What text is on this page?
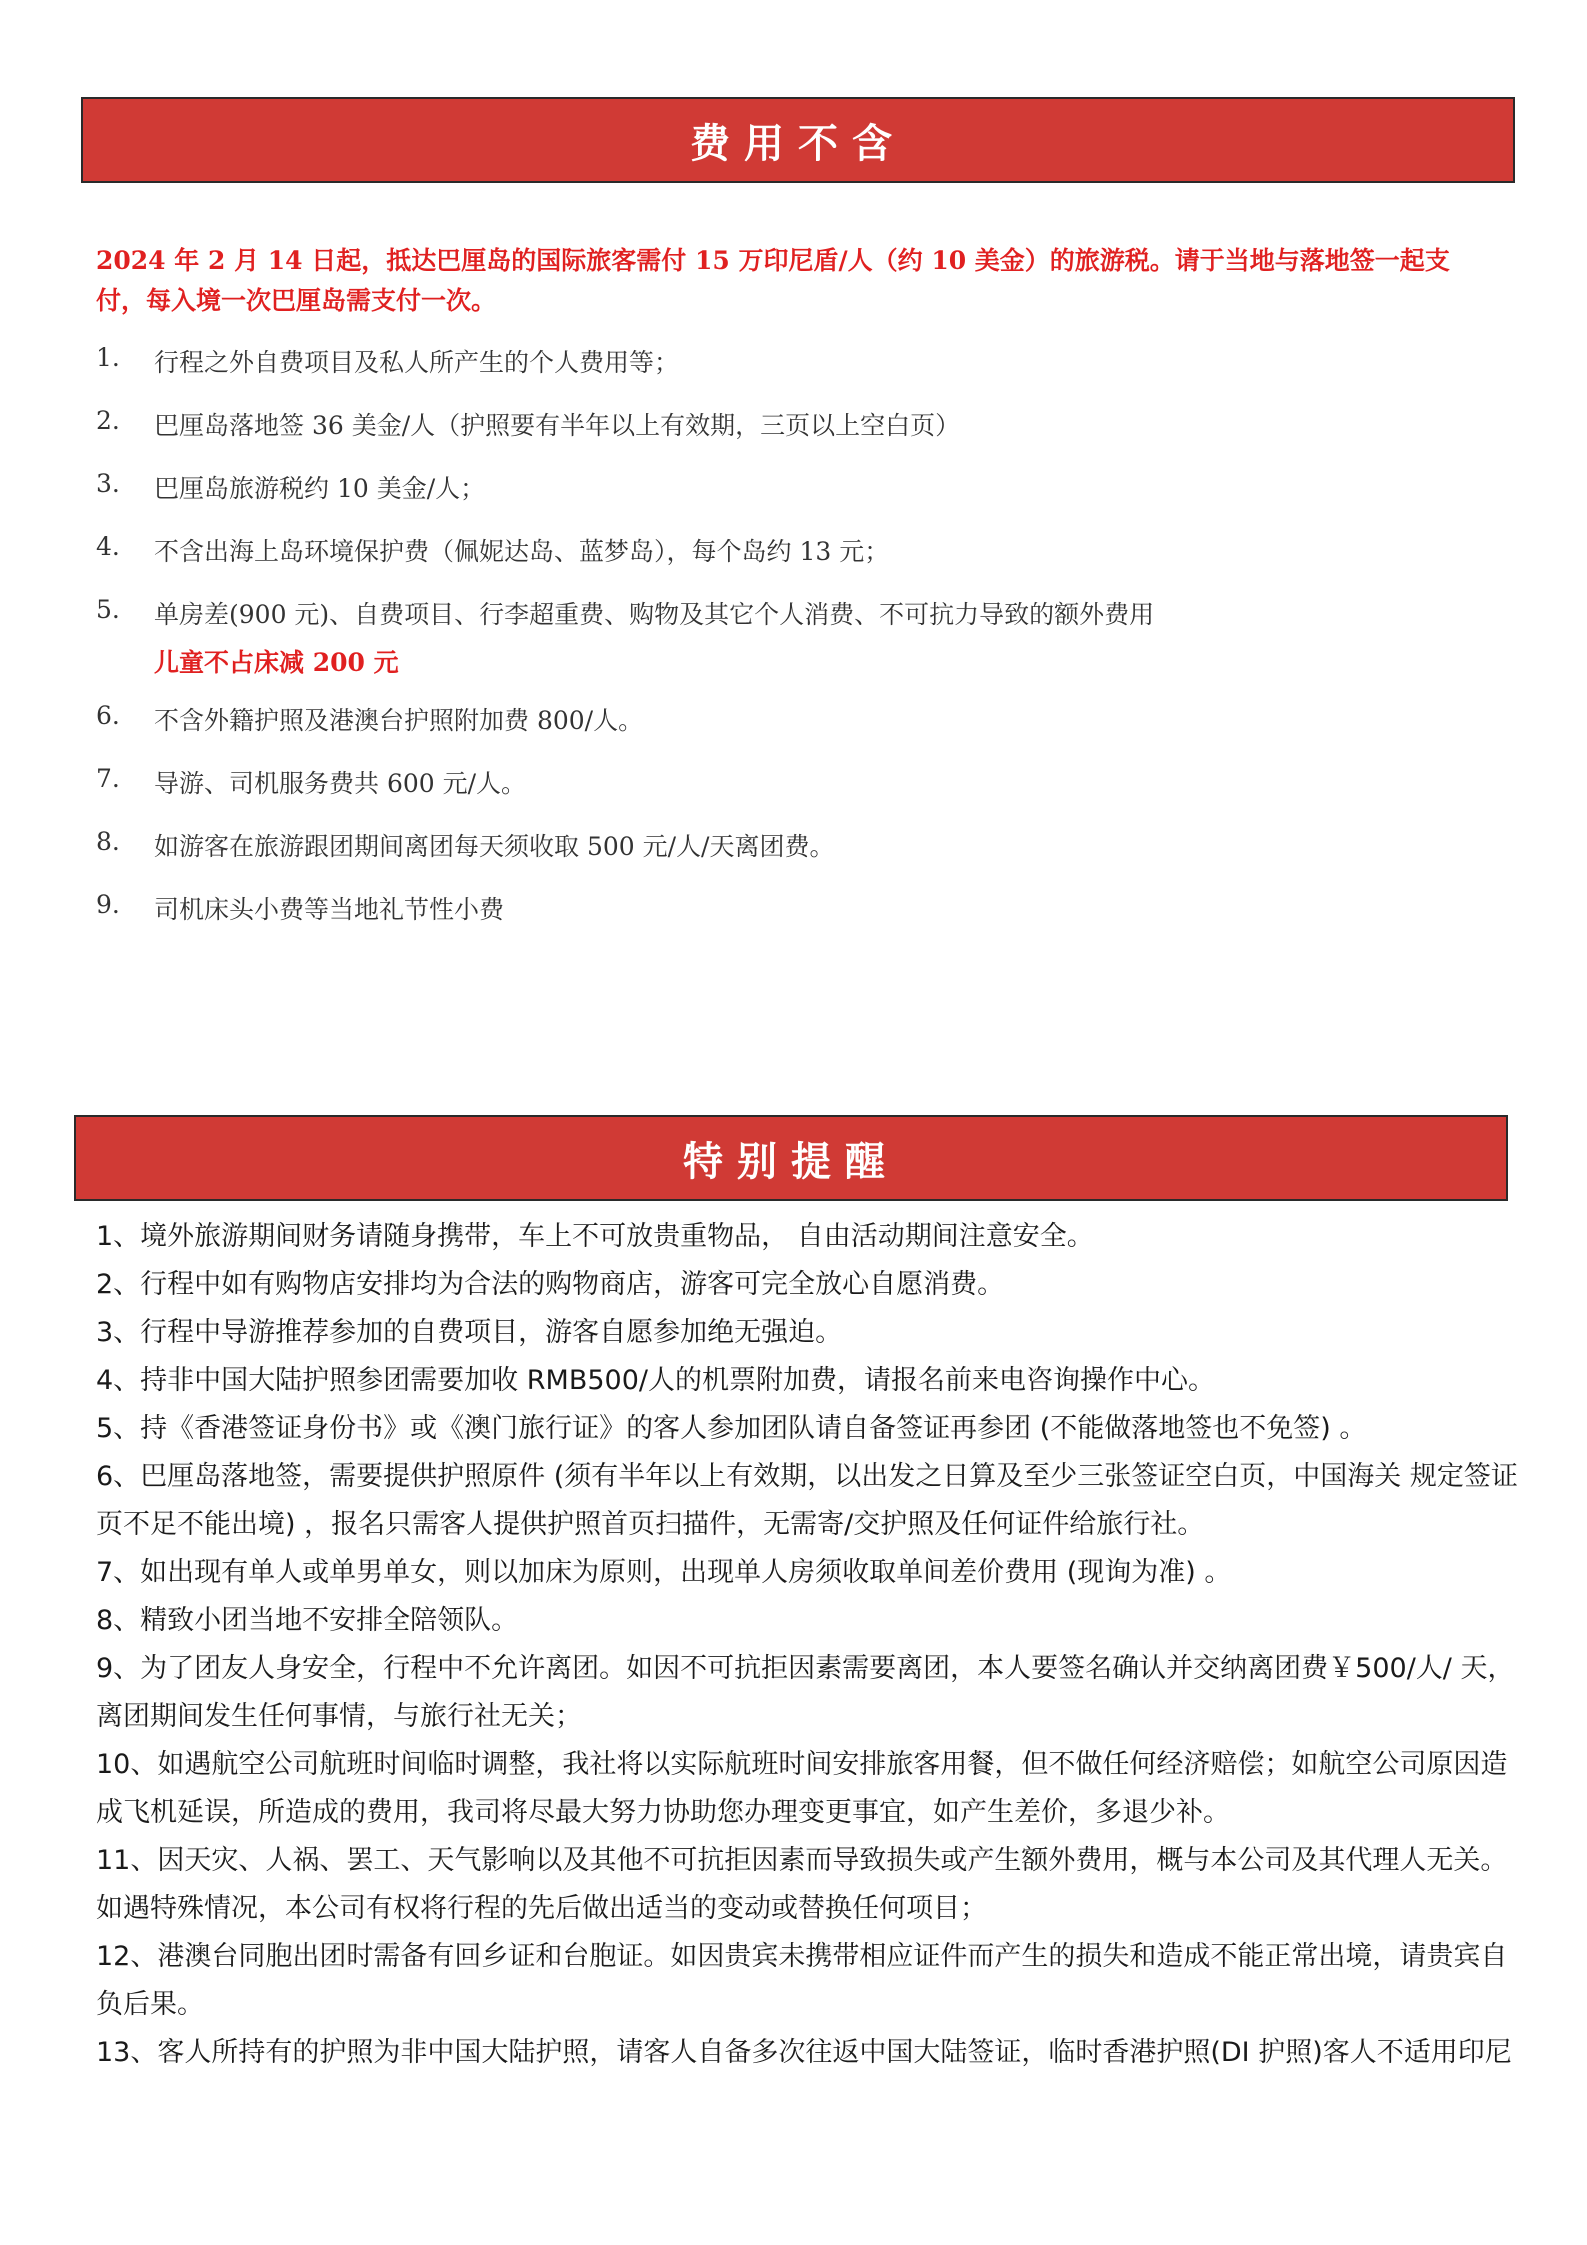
费用不含
2024 年 2 月 14 日起，抵达巴厘岛的国际旅客需付 15 万印尼盾/人（约 10 美金）的旅游税。请于当地与落地签一起支付，每入境一次巴厘岛需支付一次。
1. 行程之外自费项目及私人所产生的个人费用等；
2. 巴厘岛落地签 36 美金/人（护照要有半年以上有效期，三页以上空白页）
3. 巴厘岛旅游税约 10 美金/人；
4. 不含出海上岛环境保护费（佩妮达岛、蓝梦岛），每个岛约 13 元；
5. 单房差(900 元)、自费项目、行李超重费、购物及其它个人消费、不可抗力导致的额外费用
儿童不占床减 200 元
6. 不含外籍护照及港澳台护照附加费 800/人。
7. 导游、司机服务费共 600 元/人。
8. 如游客在旅游跟团期间离团每天须收取 500 元/人/天离团费。
9. 司机床头小费等当地礼节性小费
特别提醒
1、境外旅游期间财务请随身携带，车上不可放贵重物品， 自由活动期间注意安全。
2、行程中如有购物店安排均为合法的购物商店，游客可完全放心自愿消费。
3、行程中导游推荐参加的自费项目，游客自愿参加绝无强迫。
4、持非中国大陆护照参团需要加收 RMB500/人的机票附加费，请报名前来电咨询操作中心。
5、持《香港签证身份书》或《澳门旅行证》的客人参加团队请自备签证再参团 (不能做落地签也不免签) 。
6、巴厘岛落地签，需要提供护照原件 (须有半年以上有效期，以出发之日算及至少三张签证空白页，中国海关 规定签证页不足不能出境) ，报名只需客人提供护照首页扫描件，无需寄/交护照及任何证件给旅行社。
7、如出现有单人或单男单女，则以加床为原则，出现单人房须收取单间差价费用 (现询为准) 。
8、精致小团当地不安排全陪领队。
9、为了团友人身安全，行程中不允许离团。如因不可抗拒因素需要离团，本人要签名确认并交纳离团费￥500/人/ 天，离团期间发生任何事情，与旅行社无关；
10、如遇航空公司航班时间临时调整，我社将以实际航班时间安排旅客用餐，但不做任何经济赔偿；如航空公司原因造成飞机延误，所造成的费用，我司将尽最大努力协助您办理变更事宜，如产生差价，多退少补。
11、因天灾、人祸、罢工、天气影响以及其他不可抗拒因素而导致损失或产生额外费用，概与本公司及其代理人无关。 如遇特殊情况，本公司有权将行程的先后做出适当的变动或替换任何项目；
12、港澳台同胞出团时需备有回乡证和台胞证。如因贵宾未携带相应证件而产生的损失和造成不能正常出境，请贵宾自负后果。
13、客人所持有的护照为非中国大陆护照，请客人自备多次往返中国大陆签证，临时香港护照(DI 护照)客人不适用印尼
